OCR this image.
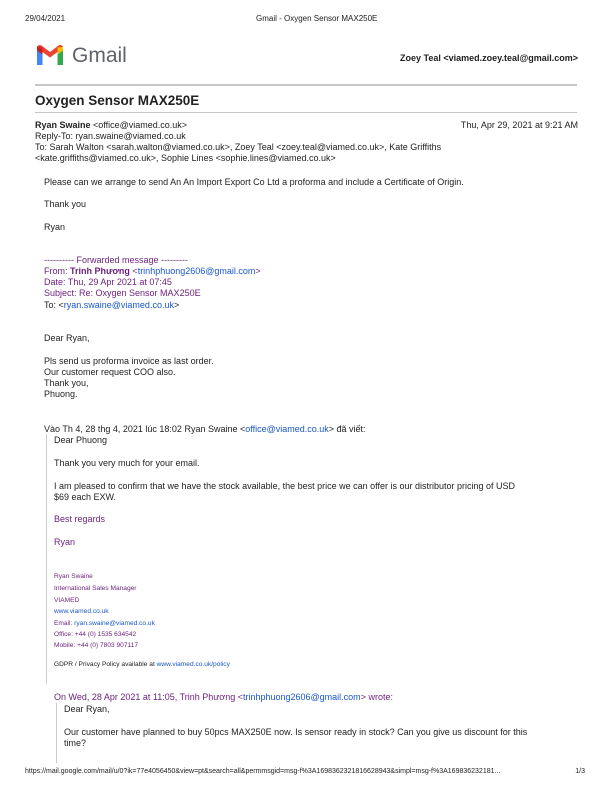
29/04/2021	Gmail - Oxygen Sensor MAX250E
Gmail	Zoey Teal <viamed.zoey.teal@gmail.com>
Oxygen Sensor MAX250E
Ryan Swaine <office@viamed.co.uk>	Thu, Apr 29, 2021 at 9:21 AM
Reply-To: ryan.swaine@viamed.co.uk
To: Sarah Walton <sarah.walton@viamed.co.uk>, Zoey Teal <zoey.teal@viamed.co.uk>, Kate Griffiths
<kate.griffiths@viamed.co.uk>, Sophie Lines <sophie.lines@viamed.co.uk>
Please can we arrange to send An An Import Export Co Ltd a proforma and include a Certificate of Origin.
Thank you
Ryan
---------- Forwarded message ---------
From: Trinh Phương <trinhphuong2606@gmail.com>
Date: Thu, 29 Apr 2021 at 07:45
Subject: Re: Oxygen Sensor MAX250E
To: <ryan.swaine@viamed.co.uk>
Dear Ryan,
Pls send us proforma invoice as last order.
Our customer request COO also.
Thank you,
Phuong.
Vào Th 4, 28 thg 4, 2021 lúc 18:02 Ryan Swaine <office@viamed.co.uk> đã viết:
Dear Phuong
Thank you very much for your email.
I am pleased to confirm that we have the stock available, the best price we can offer is our distributor pricing of USD
$69 each EXW.
Best regards
Ryan
Ryan Swaine
International Sales Manager
VIAMED
www.viamed.co.uk
Email: ryan.swaine@viamed.co.uk
Office: +44 (0) 1535 634542
Mobile: +44 (0) 7803 907117
GDPR / Privacy Policy available at www.viamed.co.uk/policy
On Wed, 28 Apr 2021 at 11:05, Trinh Phương <trinhphuong2606@gmail.com> wrote:
Dear Ryan,
Our customer have planned to buy 50pcs MAX250E now. Is sensor ready in stock? Can you give us discount for this
time?
https://mail.google.com/mail/u/0?ik=77e4056450&view=pt&search=all&permmsgid=msg-f%3A1698362321816628943&simpl=msg-f%3A169836232181...	1/3
